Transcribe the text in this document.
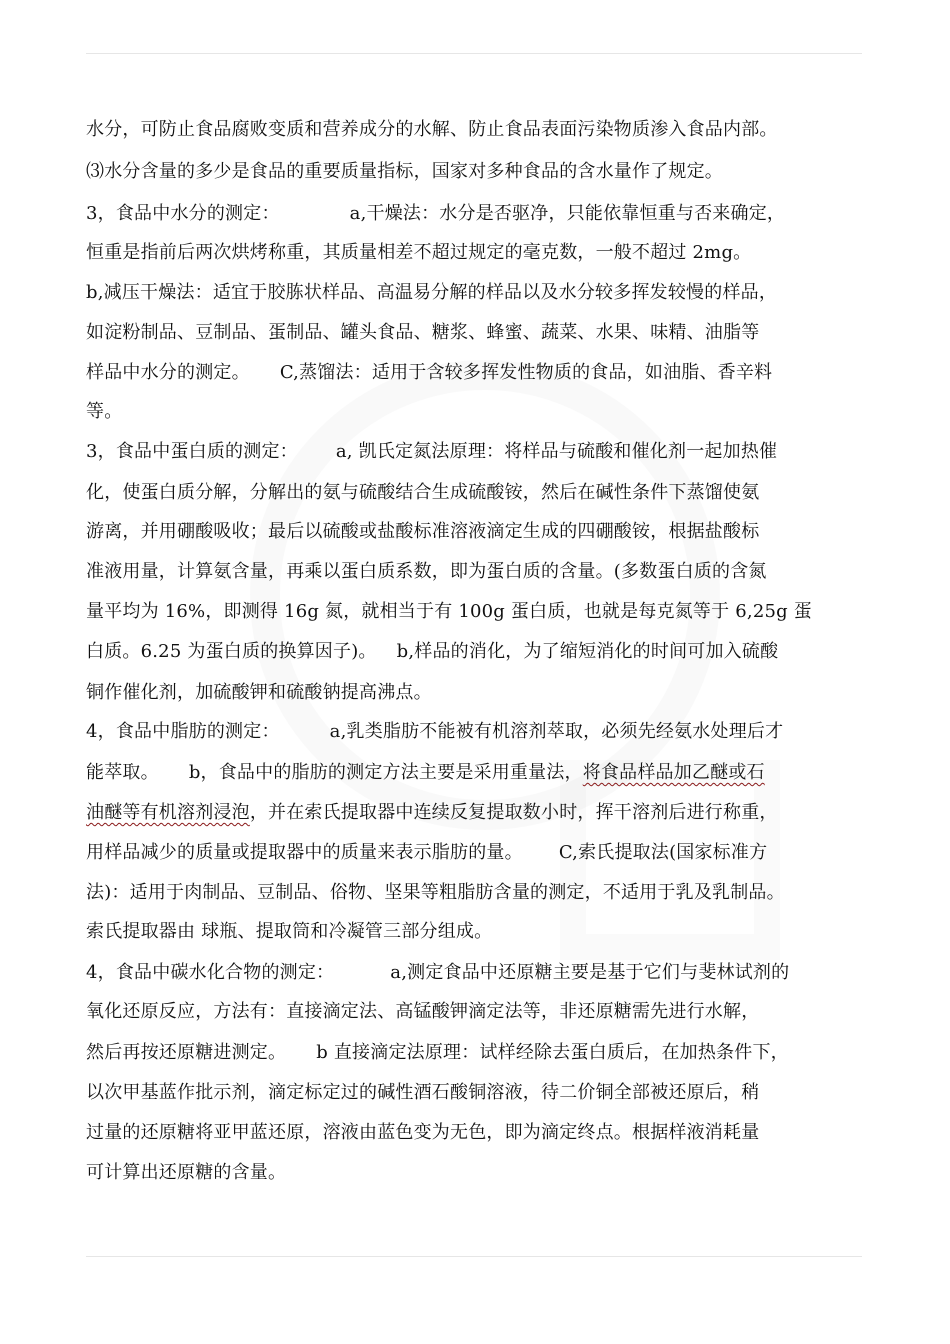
水分，可防止食品腐败变质和营养成分的水解、防止食品表面污染物质渗入食品内部。
⑶水分含量的多少是食品的重要质量指标，国家对多种食品的含水量作了规定。
3，食品中水分的测定：	a,干燥法：水分是否驱净，只能依靠恒重与否来确定，
恒重是指前后两次烘烤称重，其质量相差不超过规定的毫克数，一般不超过 2mg。
b,减压干燥法：适宜于胶胨状样品、高温易分解的样品以及水分较多挥发较慢的样品，
如淀粉制品、豆制品、蛋制品、罐头食品、糖浆、蜂蜜、蔬菜、水果、味精、油脂等
样品中水分的测定。 C,蒸馏法：适用于含较多挥发性物质的食品，如油脂、香辛料
等。
3，食品中蛋白质的测定： a, 凯氏定氮法原理：将样品与硫酸和催化剂一起加热催
化，使蛋白质分解，分解出的氨与硫酸结合生成硫酸铵，然后在碱性条件下蒸馏使氨
游离，并用硼酸吸收；最后以硫酸或盐酸标准溶液滴定生成的四硼酸铵，根据盐酸标
准液用量，计算氨含量，再乘以蛋白质系数，即为蛋白质的含量。(多数蛋白质的含氮
量平均为 16%，即测得 16g 氮，就相当于有 100g 蛋白质，也就是每克氮等于 6,25g 蛋
白质。6.25 为蛋白质的换算因子)。 b,样品的消化，为了缩短消化的时间可加入硫酸
铜作催化剂，加硫酸钾和硫酸钠提高沸点。
4，食品中脂肪的测定：	a,乳类脂肪不能被有机溶剂萃取，必须先经氨水处理后才
能萃取。 b，食品中的脂肪的测定方法主要是采用重量法，将食品样品加乙醚或石
油醚等有机溶剂浸泡，并在索氏提取器中连续反复提取数小时，挥干溶剂后进行称重，
用样品减少的质量或提取器中的质量来表示脂肪的量。 C,索氏提取法(国家标准方
法)：适用于肉制品、豆制品、俗物、坚果等粗脂肪含量的测定，不适用于乳及乳制品。
索氏提取器由 球瓶、提取筒和冷凝管三部分组成。
4，食品中碳水化合物的测定：	a,测定食品中还原糖主要是基于它们与斐林试剂的
氧化还原反应，方法有：直接滴定法、高锰酸钾滴定法等，非还原糖需先进行水解，
然后再按还原糖进测定。 b 直接滴定法原理：试样经除去蛋白质后，在加热条件下，
以次甲基蓝作批示剂，滴定标定过的碱性酒石酸铜溶液，待二价铜全部被还原后，稍
过量的还原糖将亚甲蓝还原，溶液由蓝色变为无色，即为滴定终点。根据样液消耗量
可计算出还原糖的含量。
